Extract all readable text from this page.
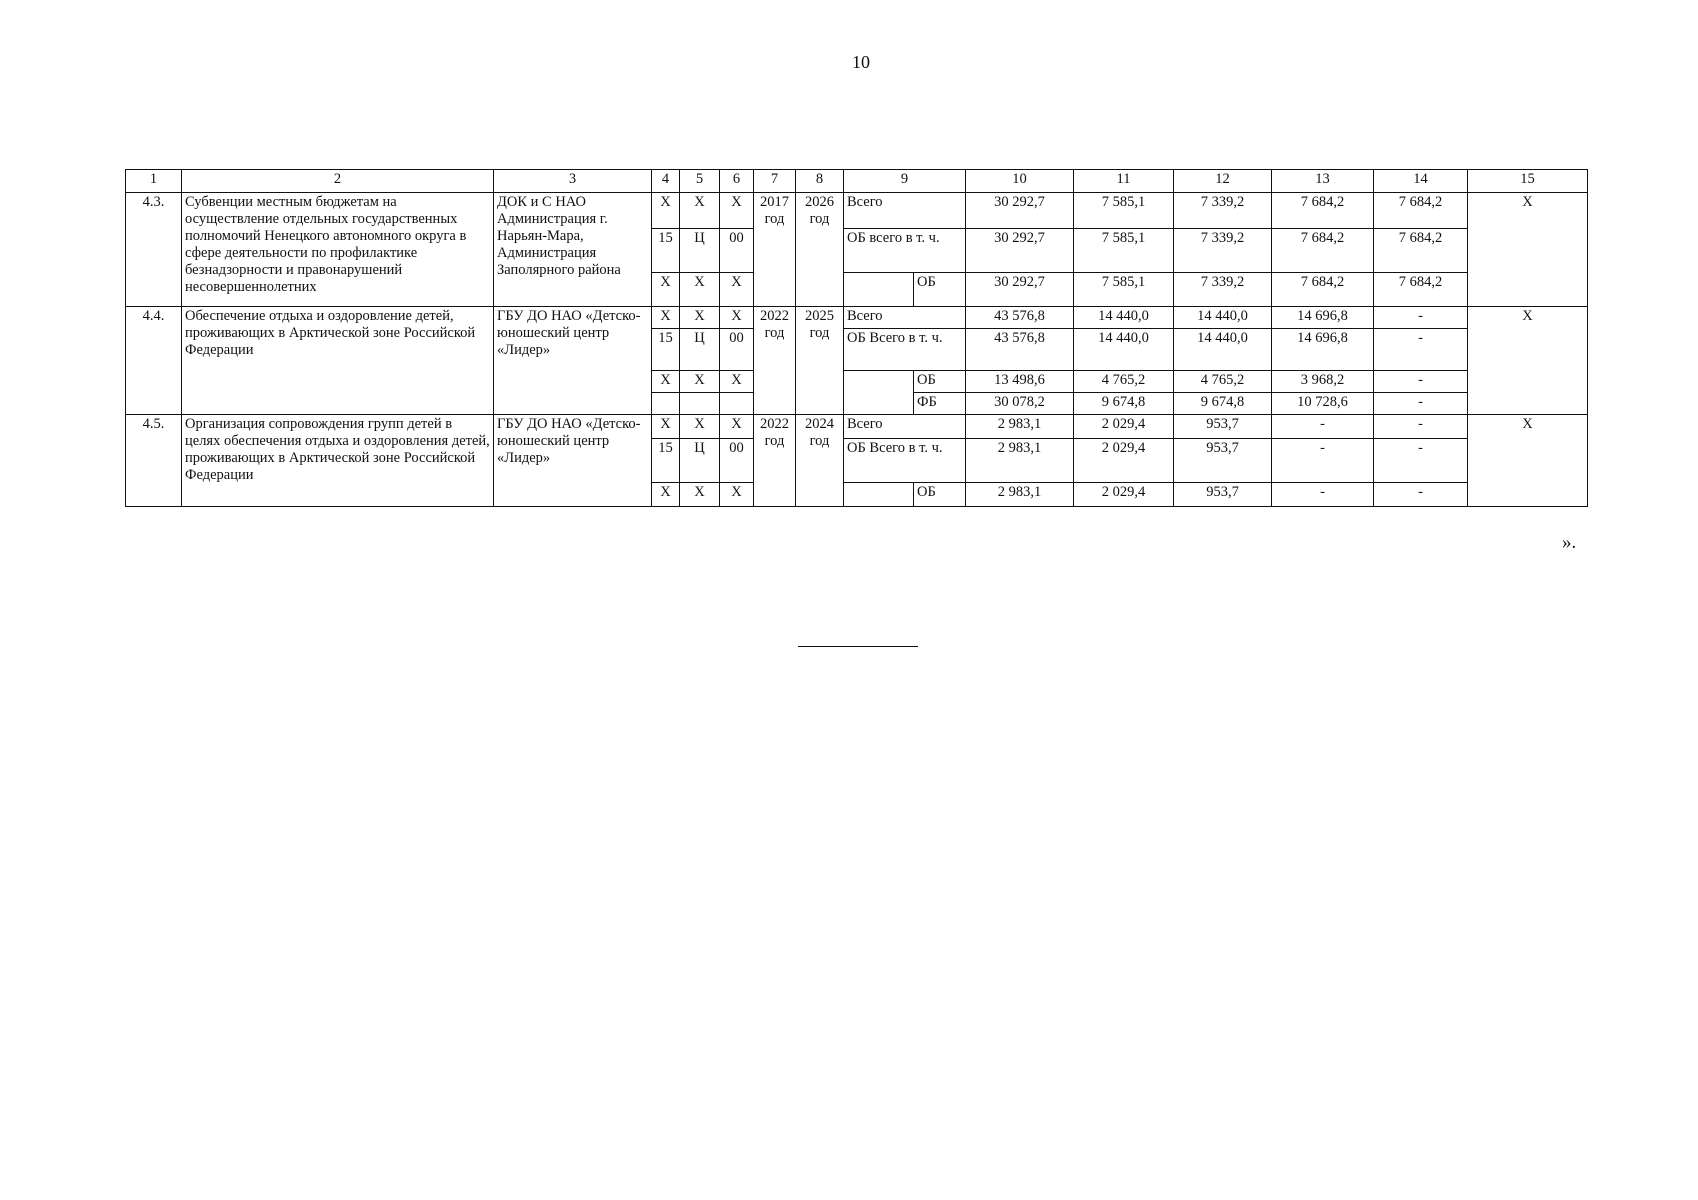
10
1	2	3	4	5	6	7	8	9		10	11	12	13	14	15
4.3.	Субвенции местным бюджетам на осуществление отдельных государственных полномочий Ненецкого автономного округа в сфере деятельности по профилактике безнадзорности и правонарушений несовершеннолетних	ДОК и С НАО Администрация г. Нарьян-Мара, Администрация Заполярного района	Х	Х	Х	2017 год	2026 год	Всего		30 292,7	7 585,1	7 339,2	7 684,2	7 684,2	Х
			15	Ц	00			ОБ всего в т. ч.		30 292,7	7 585,1	7 339,2	7 684,2	7 684,2	
			Х	Х	Х				ОБ	30 292,7	7 585,1	7 339,2	7 684,2	7 684,2	
4.4.	Обеспечение отдыха и оздоровление детей, проживающих в Арктической зоне Российской Федерации	ГБУ ДО НАО «Детско-юношеский центр «Лидер»	Х	Х	Х	2022 год	2025 год	Всего		43 576,8	14 440,0	14 440,0	14 696,8	-	Х
			15	Ц	00			ОБ Всего в т. ч.		43 576,8	14 440,0	14 440,0	14 696,8	-	
			Х	Х	Х				ОБ	13 498,6	4 765,2	4 765,2	3 968,2	-	
									ФБ	30 078,2	9 674,8	9 674,8	10 728,6	-	
4.5.	Организация сопровождения групп детей в целях обеспечения отдыха и оздоровления детей, проживающих в Арктической зоне Российской Федерации	ГБУ ДО НАО «Детско-юношеский центр «Лидер»	Х	Х	Х	2022 год	2024 год	Всего		2 983,1	2 029,4	953,7	-	-	Х
			15	Ц	00			ОБ Всего в т. ч.		2 983,1	2 029,4	953,7	-	-	
			Х	Х	Х				ОБ	2 983,1	2 029,4	953,7	-	-	
».
